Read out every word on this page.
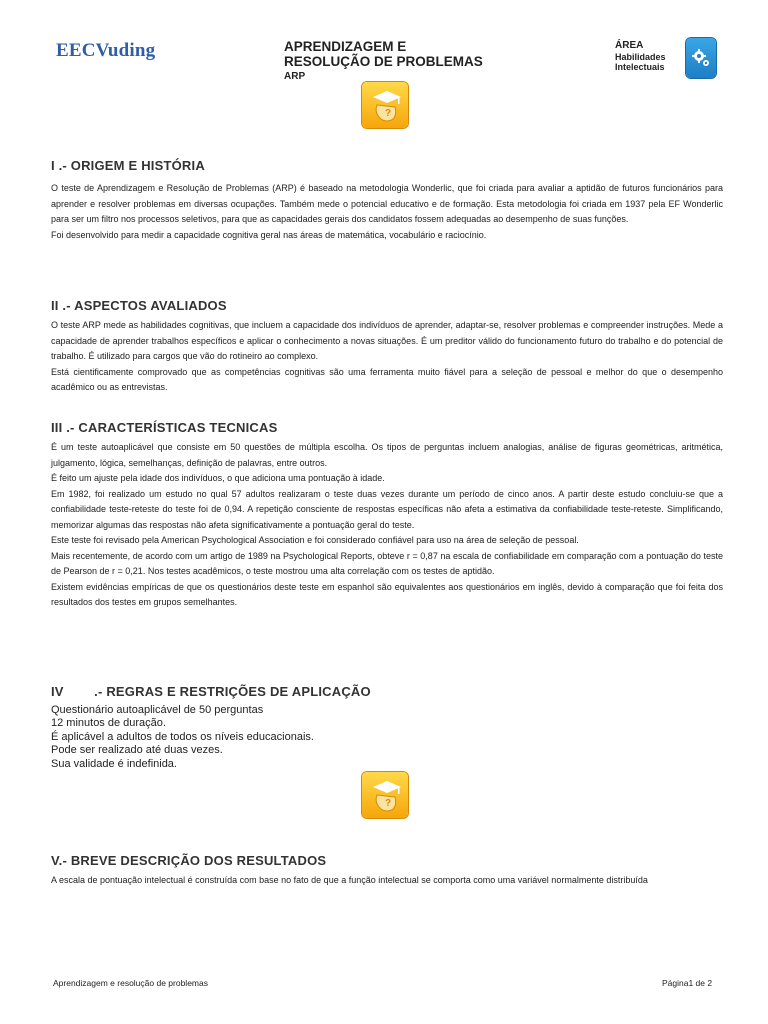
EECVuding	APRENDIZAGEM E
RESOLUÇÃO DE PROBLEMAS
ARP
ÁREA
Habilidades
Intelectuais
?
I .- ORIGEM E HISTÓRIA

O teste de Aprendizagem e Resolução de Problemas (ARP) é baseado na metodologia Wonderlic, que foi criada para avaliar a aptidão de futuros funcionários para aprender e resolver problemas em diversas ocupações. Também mede o potencial educativo e de formação. Esta metodologia foi criada em 1937 pela EF Wonderlic para ser um filtro nos processos seletivos, para que as capacidades gerais dos candidatos fossem adequadas ao desempenho de suas funções.

Foi desenvolvido para medir a capacidade cognitiva geral nas áreas de matemática, vocabulário e raciocínio.

II .- ASPECTOS AVALIADOS

O teste ARP mede as habilidades cognitivas, que incluem a capacidade dos indivíduos de aprender, adaptar-se, resolver problemas e compreender instruções. Mede a capacidade de aprender trabalhos específicos e aplicar o conhecimento a novas situações. É um preditor válido do funcionamento futuro do trabalho e do potencial de trabalho. É utilizado para cargos que vão do rotineiro ao complexo.

Está cientificamente comprovado que as competências cognitivas são uma ferramenta muito fiável para a seleção de pessoal e melhor do que o desempenho acadêmico ou as entrevistas.

III .- CARACTERÍSTICAS TECNICAS

É um teste autoaplicável que consiste em 50 questões de múltipla escolha. Os tipos de perguntas incluem analogias, análise de figuras geométricas, aritmética, julgamento, lógica, semelhanças, definição de palavras, entre outros.

É feito um ajuste pela idade dos indivíduos, o que adiciona uma pontuação à idade.

Em 1982, foi realizado um estudo no qual 57 adultos realizaram o teste duas vezes durante um período de cinco anos. A partir deste estudo concluiu-se que a confiabilidade teste-reteste do teste foi de 0,94. A repetição consciente de respostas específicas não afeta a estimativa da confiabilidade teste-reteste. Simplificando, memorizar algumas das respostas não afeta significativamente a pontuação geral do teste.

Este teste foi revisado pela American Psychological Association e foi considerado confiável para uso na área de seleção de pessoal.

Mais recentemente, de acordo com um artigo de 1989 na Psychological Reports, obteve r = 0,87 na escala de confiabilidade em comparação com a pontuação do teste de Pearson de r = 0,21. Nos testes acadêmicos, o teste mostrou uma alta correlação com os testes de aptidão.

Existem evidências empíricas de que os questionários deste teste em espanhol são equivalentes aos questionários em inglês, devido à comparação que foi feita dos resultados dos testes em grupos semelhantes.

IV        .- REGRAS E RESTRIÇÕES DE APLICAÇÃO
Questionário autoaplicável de 50 perguntas
12 minutos de duração.
É aplicável a adultos de todos os níveis educacionais.
Pode ser realizado até duas vezes.
Sua validade é indefinida.
?
V.- BREVE DESCRIÇÃO DOS RESULTADOS

A escala de pontuação intelectual é construída com base no fato de que a função intelectual se comporta como uma variável normalmente distribuída

Aprendizagem e resolução de problemas	Página1 de 2
